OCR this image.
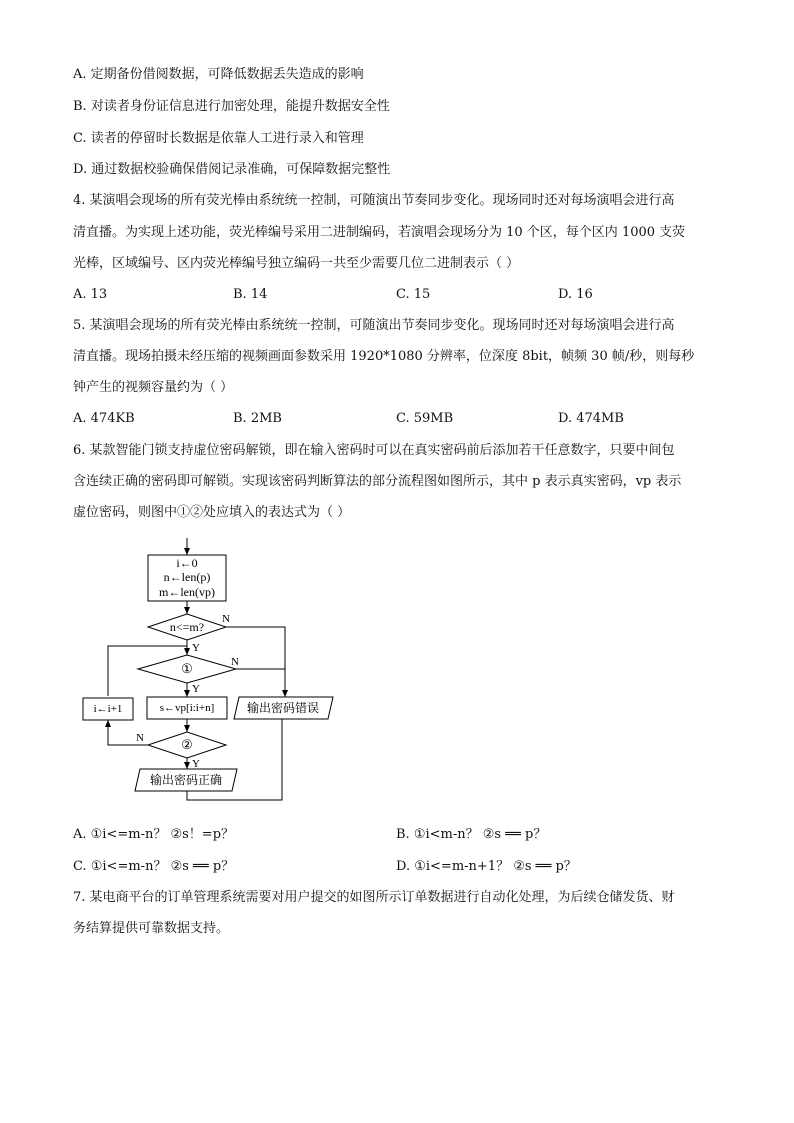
A. 定期备份借阅数据，可降低数据丢失造成的影响
B. 对读者身份证信息进行加密处理，能提升数据安全性
C. 读者的停留时长数据是依靠人工进行录入和管理
D. 通过数据校验确保借阅记录准确，可保障数据完整性
4. 某演唱会现场的所有荧光棒由系统统一控制，可随演出节奏同步变化。现场同时还对每场演唱会进行高
清直播。为实现上述功能，荧光棒编号采用二进制编码，若演唱会现场分为 10 个区，每个区内 1000 支荧
光棒，区域编号、区内荧光棒编号独立编码一共至少需要几位二进制表示（ ）
A. 13	B. 14	C. 15	D. 16
5. 某演唱会现场的所有荧光棒由系统统一控制，可随演出节奏同步变化。现场同时还对每场演唱会进行高
清直播。现场拍摄未经压缩的视频画面参数采用 1920*1080 分辨率，位深度 8bit，帧频 30 帧/秒，则每秒
钟产生的视频容量约为（ ）
A. 474KB	B. 2MB	C. 59MB	D. 474MB
6. 某款智能门锁支持虚位密码解锁，即在输入密码时可以在真实密码前后添加若干任意数字，只要中间包
含连续正确的密码即可解锁。实现该密码判断算法的部分流程图如图所示，其中 p 表示真实密码，vp 表示
虚位密码，则图中①②处应填入的表达式为（ ）
i←0
n←len(p)
m←len(vp)
n<=m?
①
s←vp[i:i+n]
i←i+1	输出密码错误
②
输出密码正确
N
Y
N
Y
N
Y
A. ①i<=m-n？ ②s！=p？	B. ①i<m-n？ ②s ══ p？
C. ①i<=m-n？ ②s ══ p？	D. ①i<=m-n+1？ ②s ══ p？
7. 某电商平台的订单管理系统需要对用户提交的如图所示订单数据进行自动化处理，为后续仓储发货、财
务结算提供可靠数据支持。
